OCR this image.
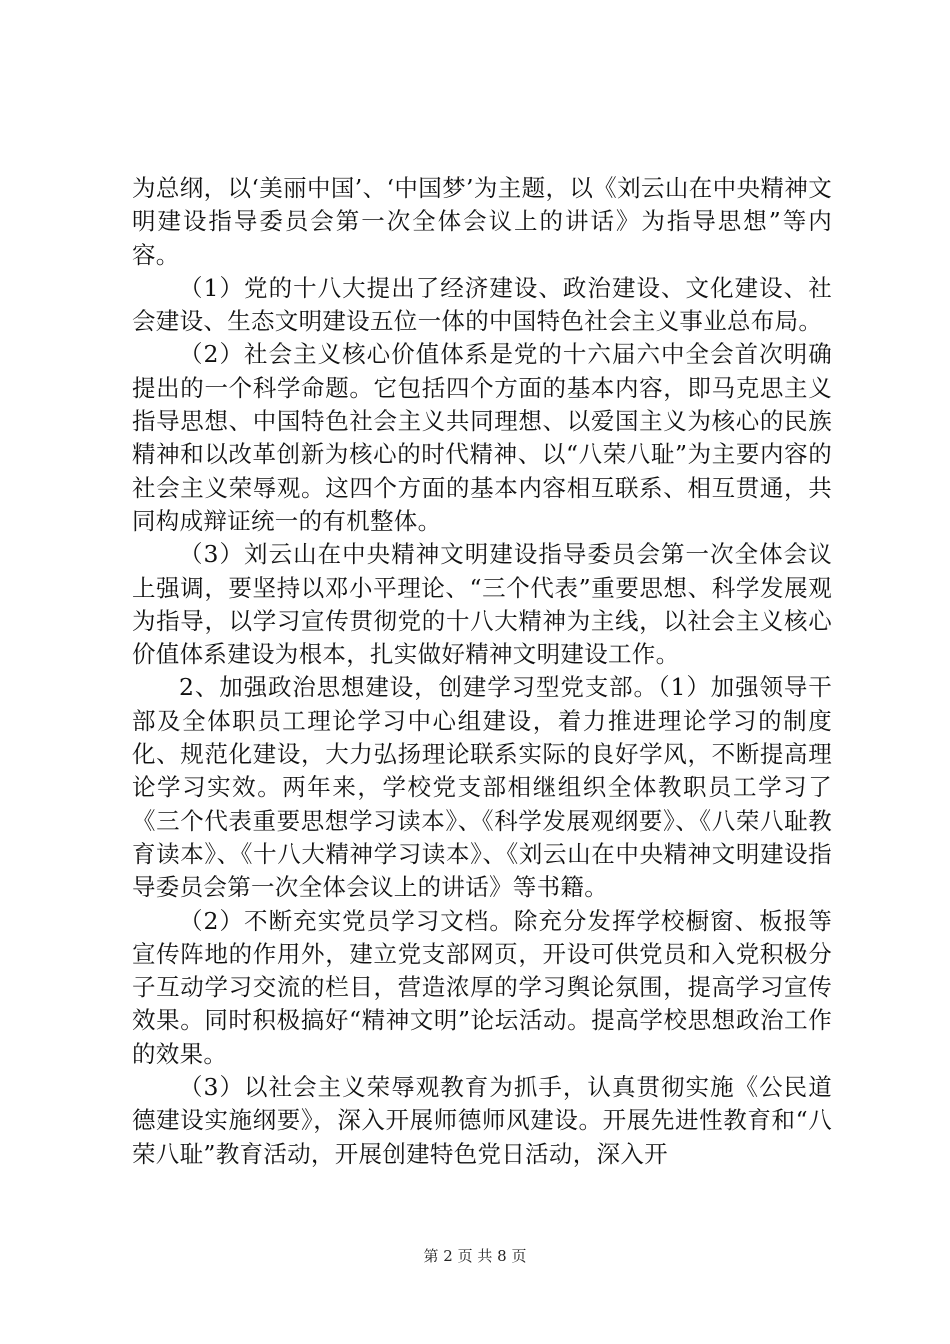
为总纲，以‘美丽中国’、‘中国梦’为主题，以《刘云山在中央精神文明建设指导委员会第一次全体会议上的讲话》为指导思想”等内容。

（1）党的十八大提出了经济建设、政治建设、文化建设、社会建设、生态文明建设五位一体的中国特色社会主义事业总布局。

（2）社会主义核心价值体系是党的十六届六中全会首次明确提出的一个科学命题。它包括四个方面的基本内容，即马克思主义指导思想、中国特色社会主义共同理想、以爱国主义为核心的民族精神和以改革创新为核心的时代精神、以“八荣八耻”为主要内容的社会主义荣辱观。这四个方面的基本内容相互联系、相互贯通，共同构成辩证统一的有机整体。

（3）刘云山在中央精神文明建设指导委员会第一次全体会议上强调，要坚持以邓小平理论、“三个代表”重要思想、科学发展观为指导，以学习宣传贯彻党的十八大精神为主线，以社会主义核心价值体系建设为根本，扎实做好精神文明建设工作。

2、加强政治思想建设，创建学习型党支部。（1）加强领导干部及全体职员工理论学习中心组建设，着力推进理论学习的制度化、规范化建设，大力弘扬理论联系实际的良好学风，不断提高理论学习实效。两年来，学校党支部相继组织全体教职员工学习了《三个代表重要思想学习读本》、《科学发展观纲要》、《八荣八耻教育读本》、《十八大精神学习读本》、《刘云山在中央精神文明建设指导委员会第一次全体会议上的讲话》等书籍。

（2）不断充实党员学习文档。除充分发挥学校橱窗、板报等宣传阵地的作用外，建立党支部网页，开设可供党员和入党积极分子互动学习交流的栏目，营造浓厚的学习舆论氛围，提高学习宣传效果。同时积极搞好“精神文明”论坛活动。提高学校思想政治工作的效果。

（3）以社会主义荣辱观教育为抓手，认真贯彻实施《公民道德建设实施纲要》，深入开展师德师风建设。开展先进性教育和“八荣八耻”教育活动，开展创建特色党日活动，深入开

第 2 页 共 8 页
